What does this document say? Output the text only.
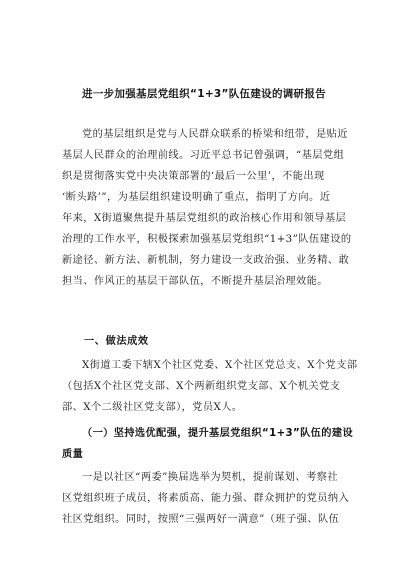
进一步加强基层党组织“1+3”队伍建设的调研报告
党的基层组织是党与人民群众联系的桥梁和纽带，是贴近
基层人民群众的治理前线。习近平总书记曾强调，“基层党组
织是贯彻落实党中央决策部署的‘最后一公里’，不能出现
‘断头路’”，为基层组织建设明确了重点，指明了方向。近
年来，X街道聚焦提升基层党组织的政治核心作用和领导基层
治理的工作水平，积极探索加强基层党组织“1+3”队伍建设的
新途径、新方法、新机制，努力建设一支政治强、业务精、敢
担当、作风正的基层干部队伍，不断提升基层治理效能。
一、做法成效
X街道工委下辖X个社区党委、X个社区党总支、X个党支部
（包括X个社区党支部、X个两新组织党支部、X个机关党支
部、X个二级社区党支部），党员X人。
（一）坚持选优配强，提升基层党组织“1+3”队伍的建设质量
一是以社区“两委”换届选举为契机，提前谋划、考察社
区党组织班子成员，将素质高、能力强、群众拥护的党员纳入
社区党组织。同时，按照“三强两好一满意”（班子强、队伍
